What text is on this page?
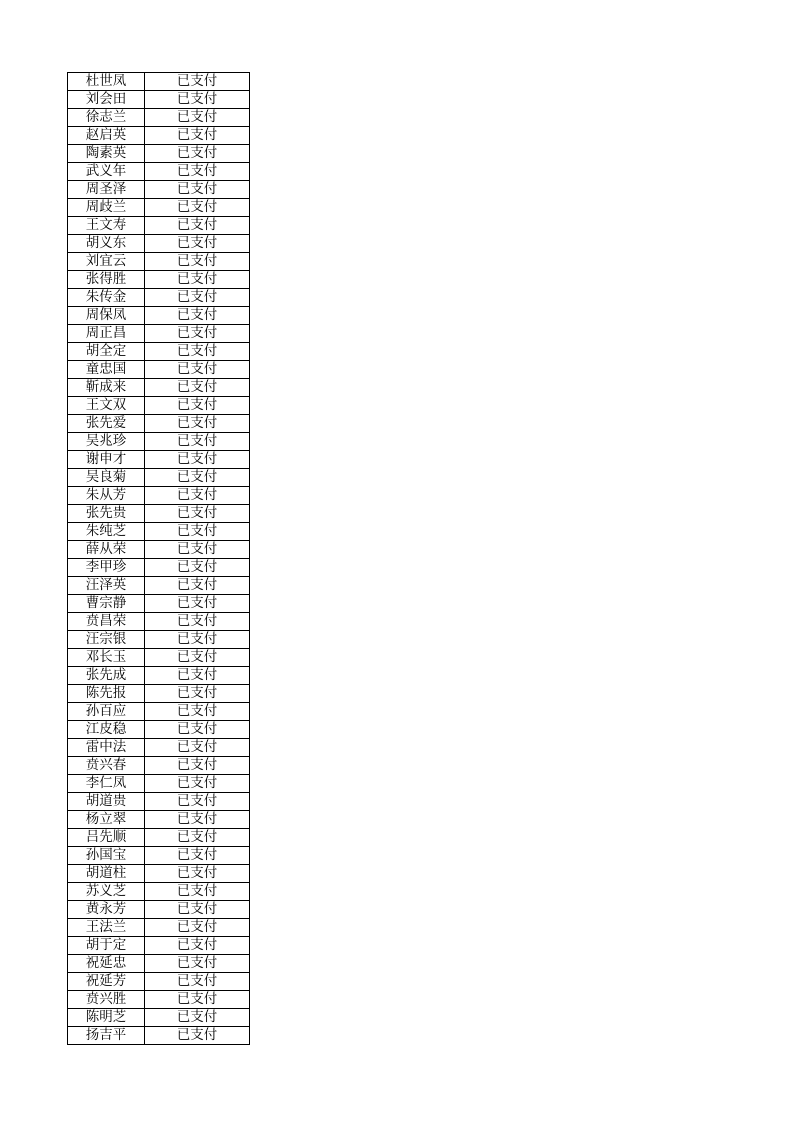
杜世凤	已支付
刘会田	已支付
徐志兰	已支付
赵启英	已支付
陶素英	已支付
武义年	已支付
周圣泽	已支付
周歧兰	已支付
王文寿	已支付
胡义东	已支付
刘宜云	已支付
张得胜	已支付
朱传金	已支付
周保凤	已支付
周正昌	已支付
胡全定	已支付
童忠国	已支付
靳成来	已支付
王文双	已支付
张先爱	已支付
吴兆珍	已支付
谢申才	已支付
吴良菊	已支付
朱从芳	已支付
张先贵	已支付
朱纯芝	已支付
薛从荣	已支付
李甲珍	已支付
汪泽英	已支付
曹宗静	已支付
贲昌荣	已支付
汪宗银	已支付
邓长玉	已支付
张先成	已支付
陈先报	已支付
孙百应	已支付
江皮稳	已支付
雷中法	已支付
贲兴春	已支付
李仁凤	已支付
胡道贵	已支付
杨立翠	已支付
吕先顺	已支付
孙国宝	已支付
胡道柱	已支付
苏义芝	已支付
黄永芳	已支付
王法兰	已支付
胡于定	已支付
祝延忠	已支付
祝延芳	已支付
贲兴胜	已支付
陈明芝	已支付
扬吉平	已支付
